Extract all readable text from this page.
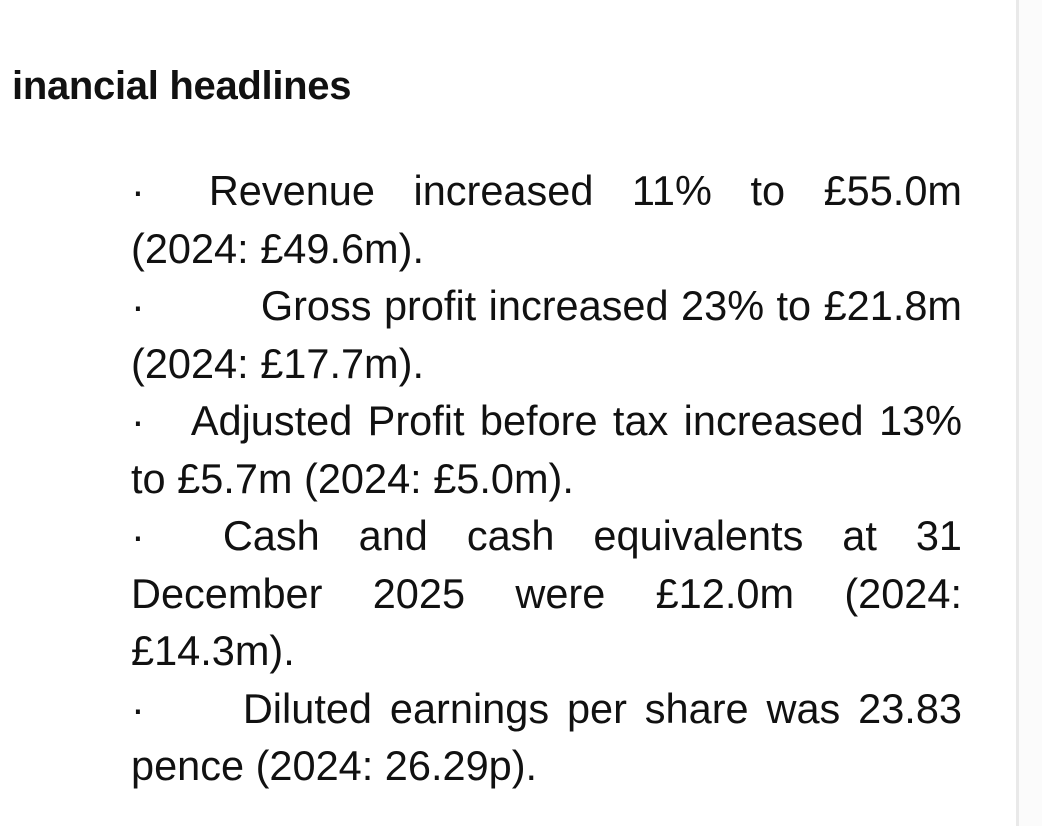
inancial headlines
· Revenue increased 11% to £55.0m (2024: £49.6m).
·	Gross profit increased 23% to £21.8m (2024: £17.7m).
· Adjusted Profit before tax increased 13% to £5.7m (2024: £5.0m).
· Cash and cash equivalents at 31 December 2025 were £12.0m (2024: £14.3m).
· Diluted earnings per share was 23.83 pence (2024: 26.29p).
